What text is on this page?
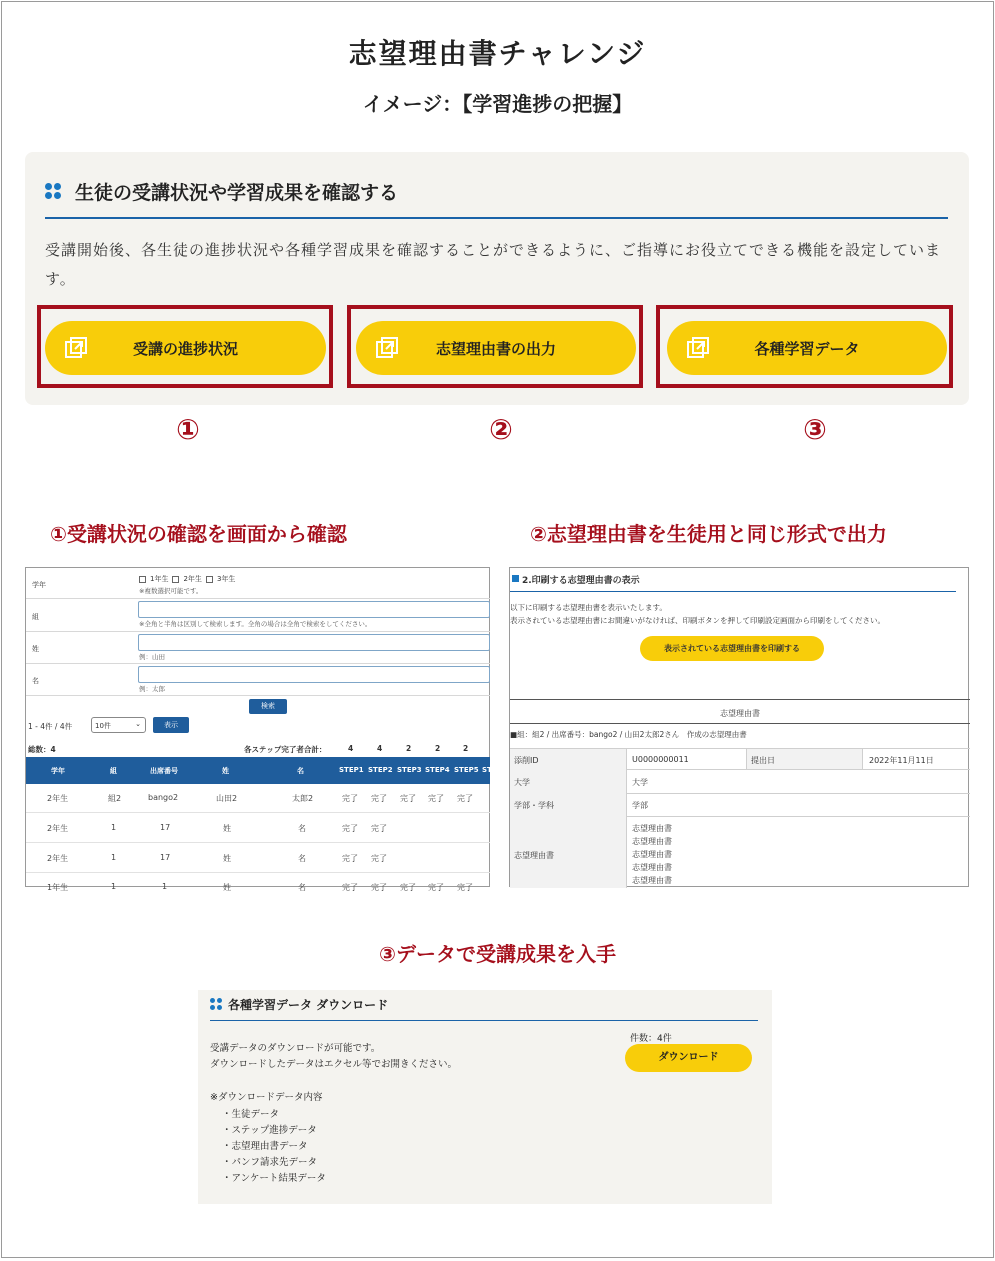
志望理由書チャレンジ
イメージ：【学習進捗の把握】
生徒の受講状況や学習成果を確認する
受講開始後、各生徒の進捗状況や各種学習成果を確認することができるように、ご指導にお役立てできる機能を設定しています。
受講の進捗状況	志望理由書の出力	各種学習データ
①	②	③
①受講状況の確認を画面から確認	②志望理由書を生徒用と同じ形式で出力
学年
1年生 2年生 3年生
※複数選択可能です。
組
※全角と半角は区別して検索します。全角の場合は全角で検索をしてください。
姓
例：山田
名
例：太郎
検索
1 - 4件 / 4件	10件	⌄	表示
総数：4	各ステップ完了者合計：	4	4	2	2	2
学年	組	出席番号	姓	名	STEP1 STEP2 STEP3 STEP4 STEP5 ST
2年生	組2	bango2	山田2	太郎2	完了 完了 完了 完了 完了
2年生	1	17	姓	名	完了 完了
2年生	1	17	姓	名	完了 完了
1年生	1	1	姓	名	完了 完了 完了 完了 完了
2.印刷する志望理由書の表示
以下に印刷する志望理由書を表示いたします。
表示されている志望理由書にお間違いがなければ、印刷ボタンを押して印刷設定画面から印刷をしてください。
表示されている志望理由書を印刷する
志望理由書
■組：組2 / 出席番号：bango2 / 山田2太郎2さん　作成の志望理由書
添削ID	U0000000011	提出日	2022年11月11日
大学	大学
学部・学科	学部
志望理由書
志望理由書
志望理由書
志望理由書
志望理由書
志望理由書
③データで受講成果を入手
各種学習データ ダウンロード
受講データのダウンロードが可能です。
ダウンロードしたデータはエクセル等でお開きください。
件数：4件
ダウンロード
※ダウンロードデータ内容
・生徒データ
・ステップ進捗データ
・志望理由書データ
・パンフ請求先データ
・アンケート結果データ
